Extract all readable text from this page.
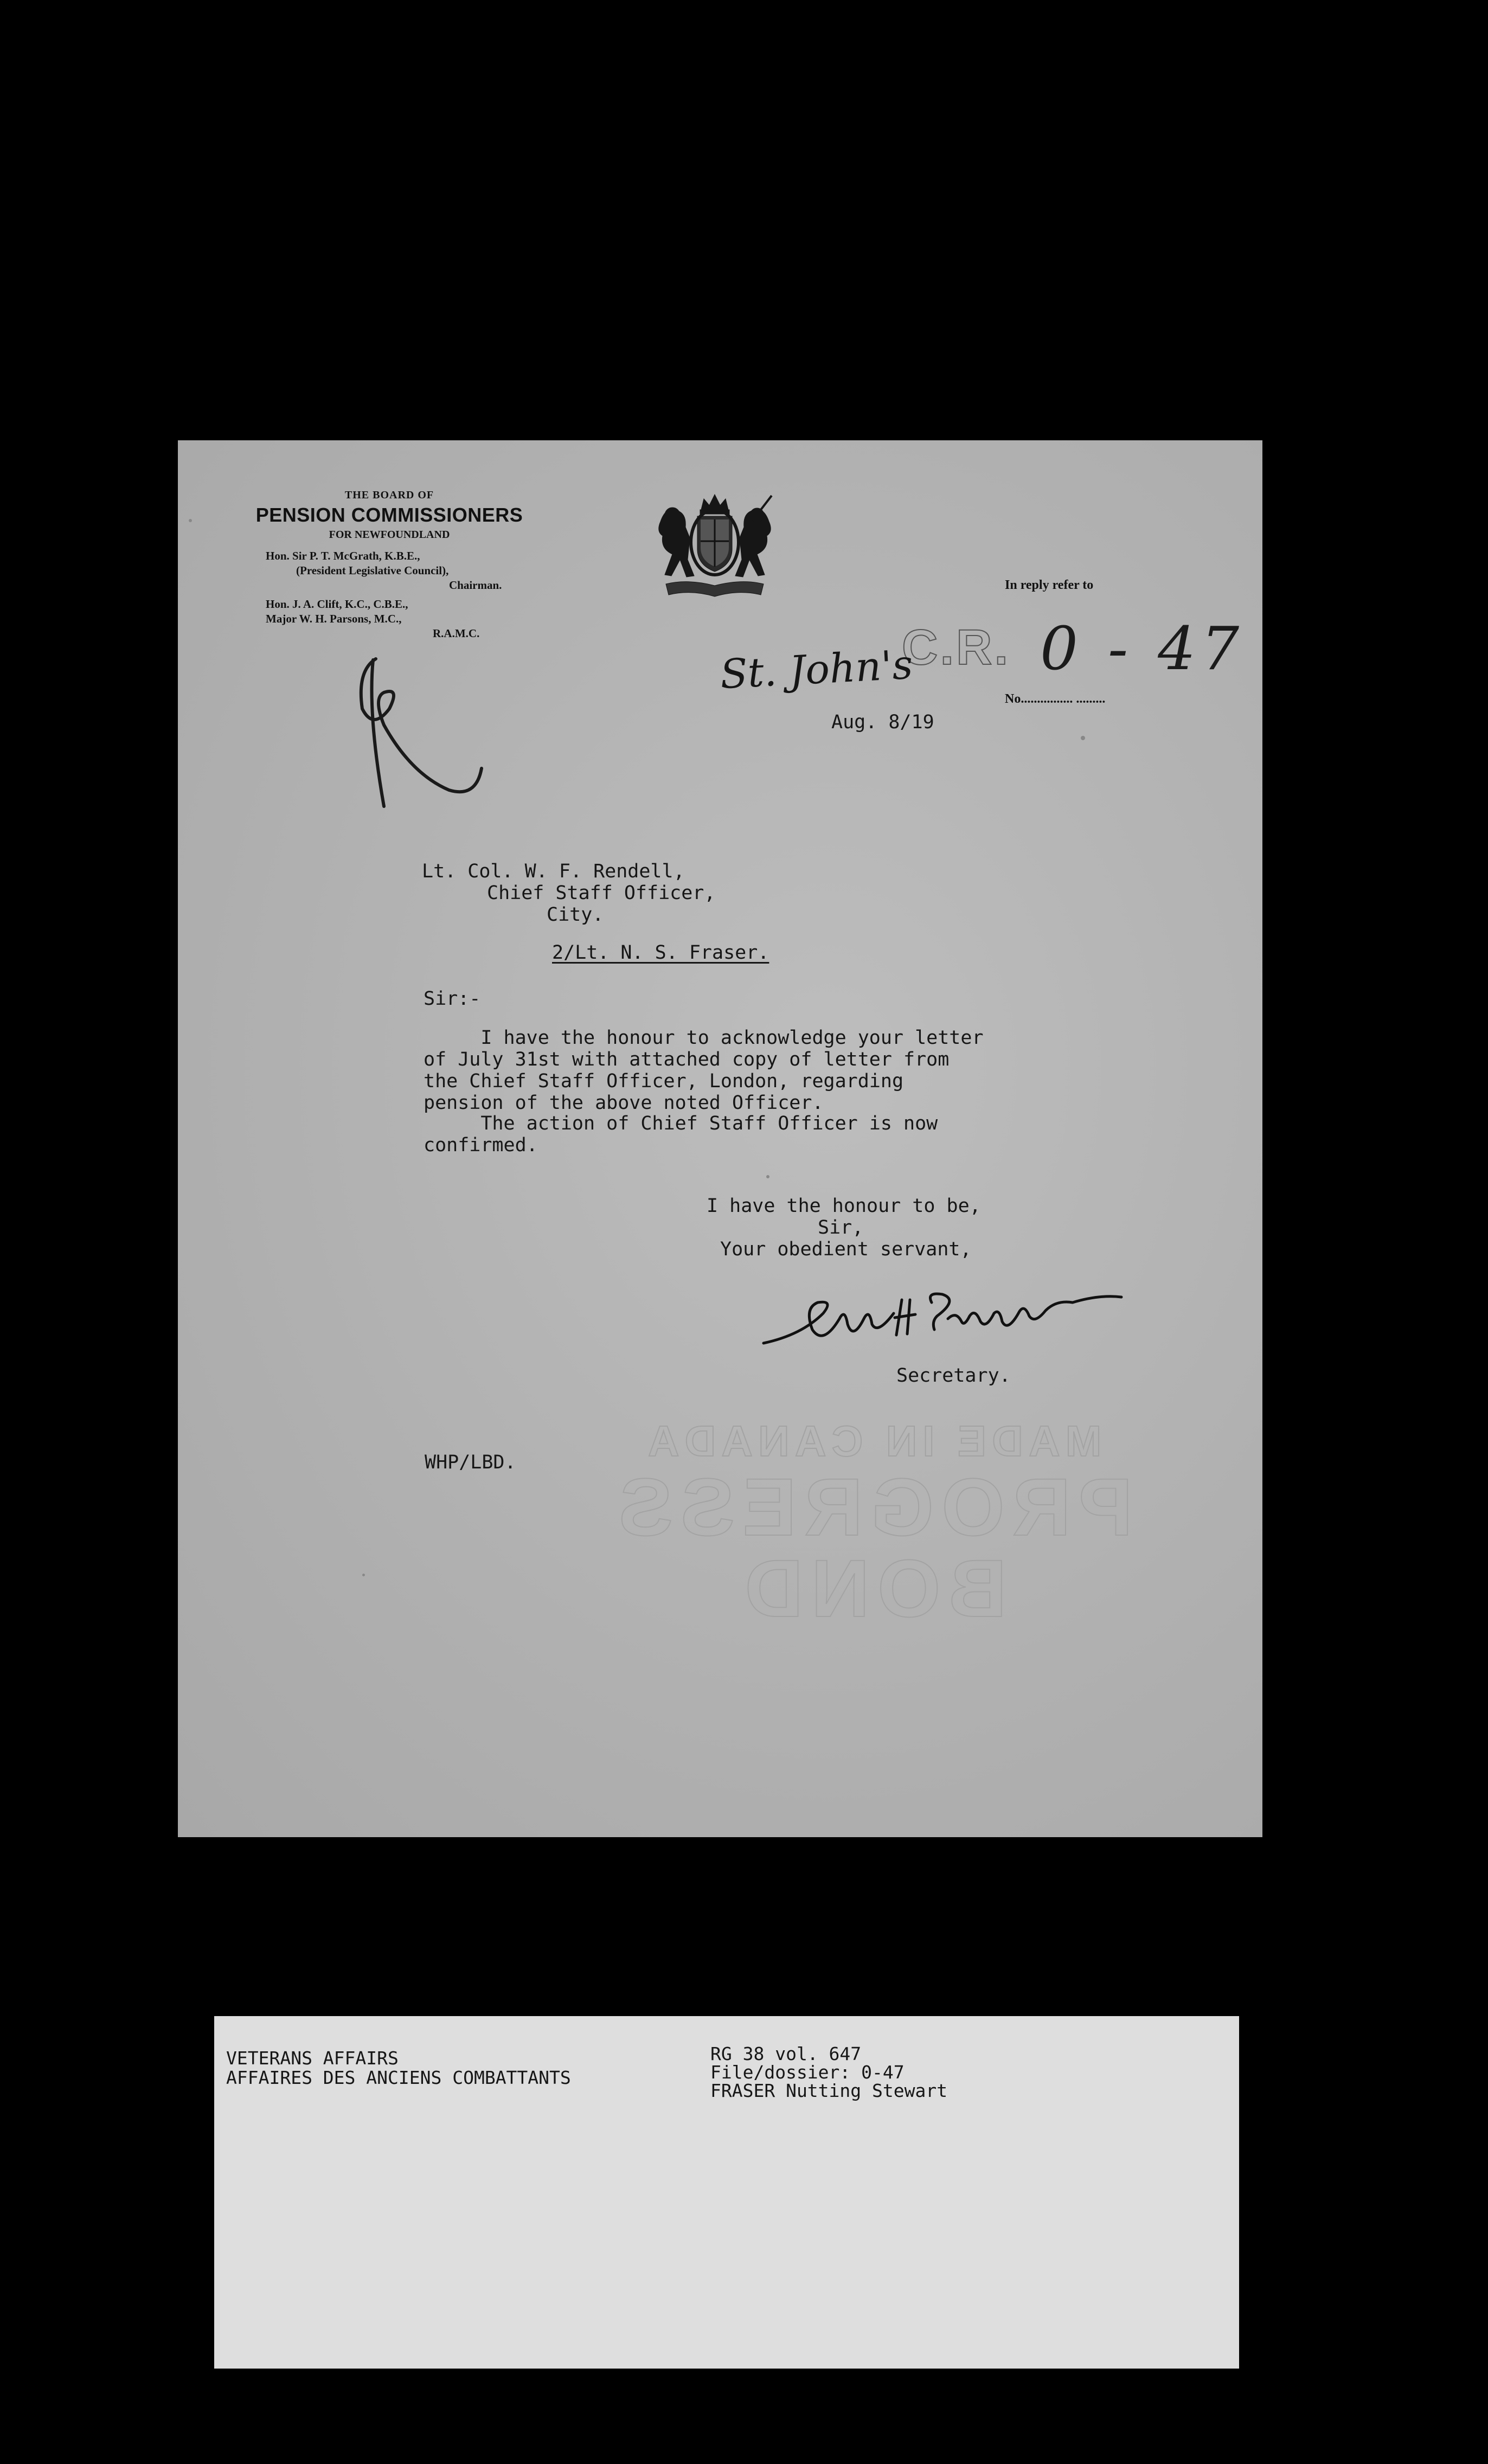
THE BOARD OF

PENSION COMMISSIONERS

FOR NEWFOUNDLAND

Hon. Sir P. T. McGrath, K.B.E.,

(President Legislative Council),

Chairman.

Hon. J. A. Clift, K.C., C.B.E.,

Major W. H. Parsons, M.C.,

R.A.M.C.

In reply refer to

No................ .........

C.R. 0 - 47
St. John's

Aug. 8/19

Lt. Col. W. F. Rendell,

Chief Staff Officer,

City.

2/Lt. N. S. Fraser.

Sir:-

I have the honour to acknowledge your letter
of July 31st with attached copy of letter from
the Chief Staff Officer, London, regarding
pension of the above noted Officer.

The action of Chief Staff Officer is now
confirmed.

I have the honour to be,

Sir,

Your obedient servant,

Secretary.

WHP/LBD.	MADE IN CANADA

PROGRESS BOND

VETERANS AFFAIRS

AFFAIRES DES ANCIENS COMBATTANTS

RG 38 vol. 647

File/dossier: 0-47

FRASER Nutting Stewart
